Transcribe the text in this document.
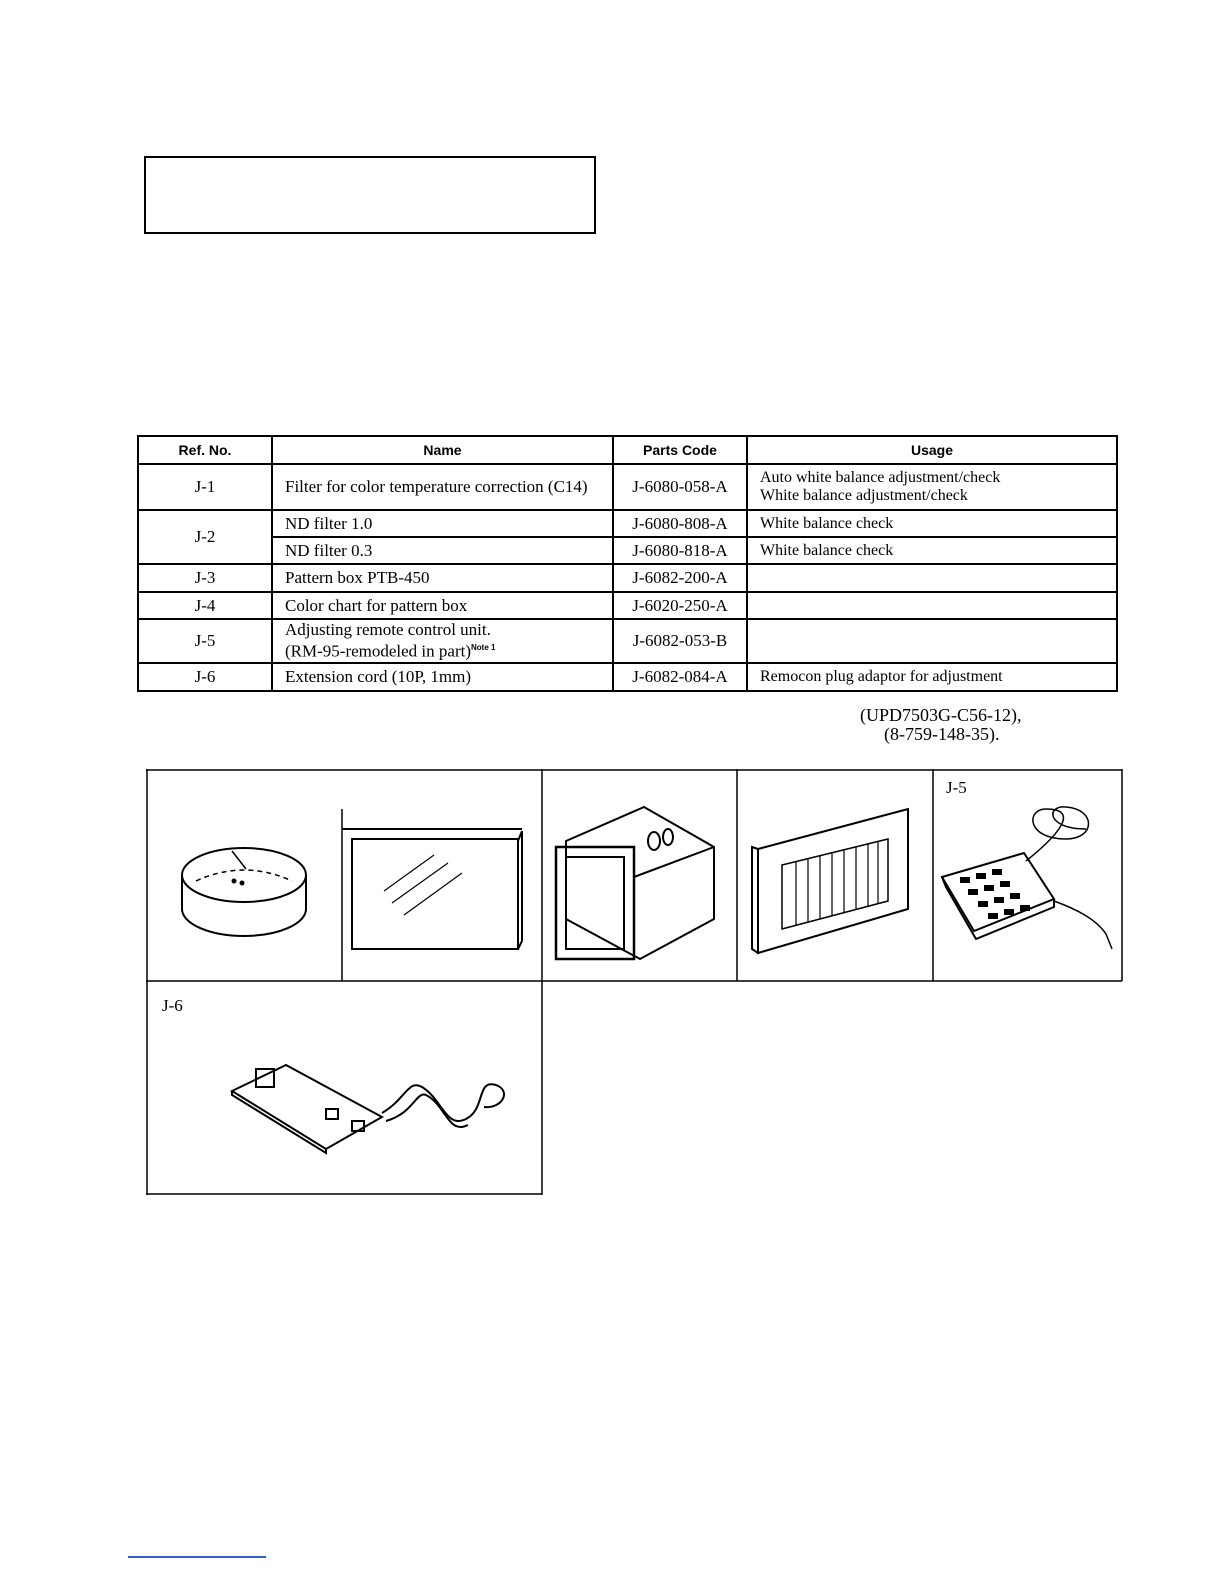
Ref. No.	Name	Parts Code	Usage
J-1	Filter for color temperature correction (C14)	J-6080-058-A	Auto white balance adjustment/check
White balance adjustment/check

J-2	ND filter 1.0	J-6080-808-A	White balance check
	ND filter 0.3	J-6080-818-A	White balance check
J-3	Pattern box PTB-450	J-6082-200-A	
J-4	Color chart for pattern box	J-6020-250-A	
J-5	Adjusting remote control unit.
(RM-95-remodeled in part)$^{Note 1}$	J-6082-053-B	
J-6	Extension cord (10P, 1mm)	J-6082-084-A	Remocon plug adaptor for adjustment
(UPD7503G-C56-12),
(8-759-148-35).
J-5
J-6
